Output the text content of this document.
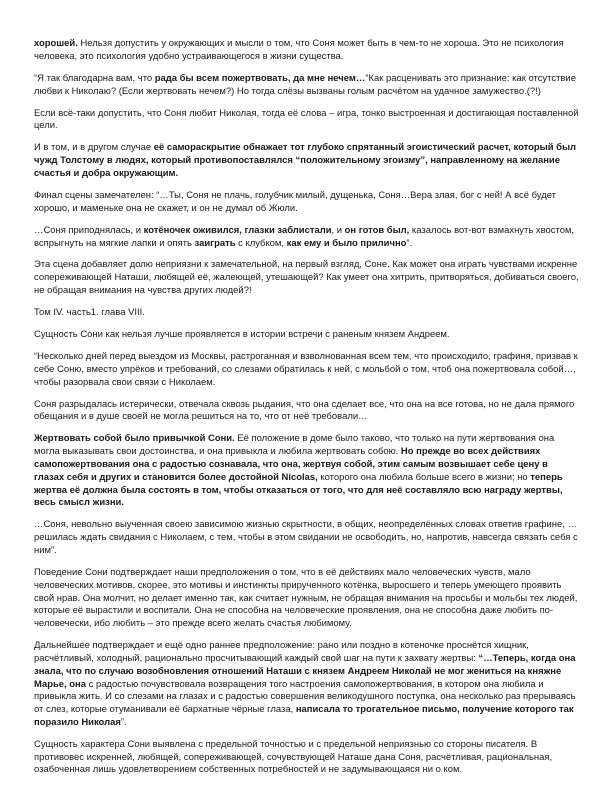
хорошей. Нельзя допустить у окружающих и мысли о том, что Соня может быть в чем-то не хороша. Это не психология человека, это психология удобно устраивающегося в жизни существа.

“Я так благодарна вам, что рада бы всем пожертвовать, да мне нечем…”Как расценивать это признание: как отсутствие любви к Николаю? (Если жертвовать нечем?) Но тогда слёзы вызваны голым расчётом на удачное замужество.(?!)

Если всё-таки допустить, что Соня любит Николая, тогда её слова – игра, тонко выстроенная и достигающая поставленной цели.

И в том, и в другом случае её самораскрытие обнажает тот глубоко спрятанный эгоистический расчет, который был чужд Толстому в людях, который противопоставлялся “положительному эгоизму”, направленному на желание счастья и добра окружающим.

Финал сцены замечателен: “…Ты, Соня не плачь, голубчик милый, дущенька, Соня…Вера злая, бог с ней! А всё будет хорошо, и маменьке она не скажет, и он не думал об Жюли.

…Соня приподнялась, и котёночек оживился, глазки заблистали, и он готов был, казалось вот-вот взмахнуть хвостом, вспрыгнуть на мягкие лапки и опять заиграть с клубком, как ему и было прилично”.

Эта сцена добавляет долю неприязни к замечательной, на первый взгляд, Соне. Как может она играть чувствами искренне сопереживающей Наташи, любящей её, жалеющей, утешающей? Как умеет она хитрить, притворяться, добиваться своего, не обращая внимания на чувства других людей?!

Том IV. часть1. глава VIII.

Сущность Сони как нельзя лучше проявляется в истории встречи с раненым князем Андреем.

“Несколько дней перед выездом из Москвы, растроганная и взволнованная всем тем, что происходило, графиня, призвав к себе Соню, вместо упрёков и требований, со слезами обратилась к ней, с мольбой о том, чтоб она пожертвовала собой…, чтобы разорвала свои связи с Николаем.

Соня разрыдалась истерически, отвечала сквозь рыдания, что она сделает все, что она на все готова, но не дала прямого обещания и в душе своей не могла решиться на то, что от неё требовали…

Жертвовать собой было привычкой Сони. Её положение в доме было таково, что только на пути жертвования она могла выказывать свои достоинства, и она привыкла и любила жертвовать собою. Но прежде во всех действиях самопожертвования она с радостью сознавала, что она, жертвуя собой, этим самым возвышает себе цену в глазах себя и других и становится более достойной Nicolas, которого она любила больше всего в жизни; но теперь жертва её должна была состоять в том, чтобы отказаться от того, что для неё составляло всю награду жертвы, весь смысл жизни.

…Соня, невольно выученная своею зависимою жизнью скрытности, в общих, неопределённых словах ответив графине, …решилась ждать свидания с Николаем, с тем, чтобы в этом свидании не освободить, но, напротив, навсегда связать себя с ним”.

Поведение Сони подтверждает наши предположения о том, что в её действиях мало человеческих чувств, мало человеческих мотивов, скорее, это мотивы и инстинкты прирученного котёнка, выросшего и теперь умеющего проявить свой нрав. Она молчит, но делает именно так, как считает нужным, не обращая внимания на просьбы и мольбы тех людей, которые её вырастили и воспитали. Она не способна на человеческие проявления, она не способна даже любить по-человечески, ибо любить – это прежде всего желать счастья любимому.

Дальнейшее подтверждает и ещё одно раннее предположение: рано или поздно в котеночке проснётся хищник, расчётливый, холодный, рационально просчитывающий каждый свой шаг на пути к захвату жертвы: “…Теперь, когда она знала, что по случаю возобновления отношений Наташи с князем Андреем Николай не мог жениться на княжне Марье, она с радостью почувствовала возвращения того настроения самопожертвования, в котором она любила и привыкла жить. И со слезами на глазах и с радостью совершения великодушного поступка, она несколько раз прерываясь от слез, которые отуманивали её бархатные чёрные глаза, написала то трогательное письмо, получение которого так поразило Николая”.

Сущность характера Сони выявлена с предельной точностью и с предельной неприязнью со стороны писателя. В противовес искренней, любящей, сопереживающей, сочувствующей Наташе дана Соня, расчётливая, рациональная, озабоченная лишь удовлетворением собственных потребностей и не задумывающаяся ни о ком.
